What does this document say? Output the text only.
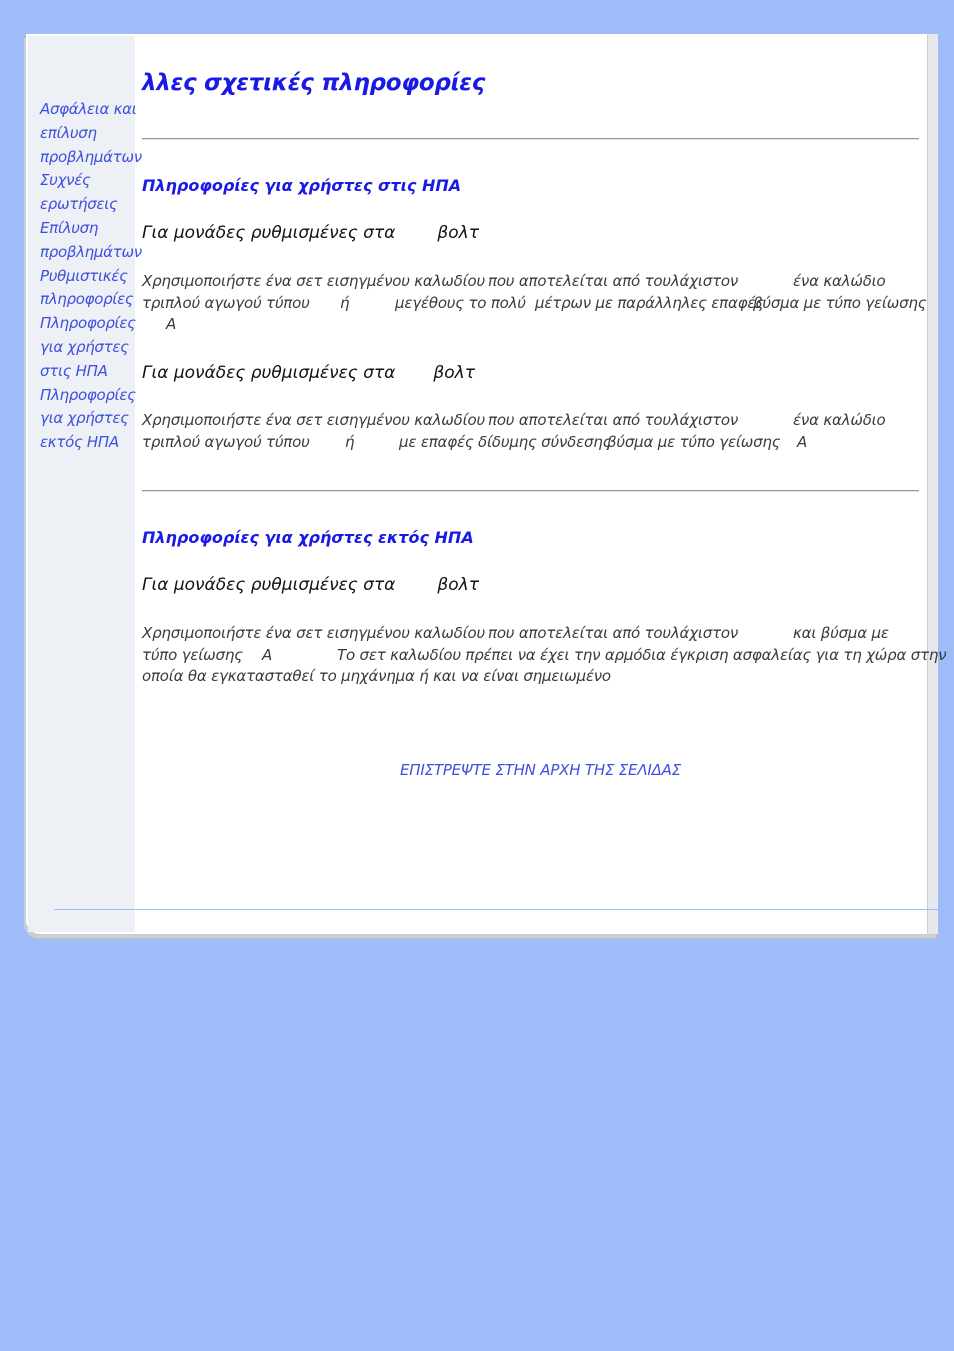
Ασφάλεια και
επίλυση
προβλημάτων
Συχνές
ερωτήσεις
Επίλυση
προβλημάτων
Ρυθμιστικές
πληροφορίες
Πληροφορίες
για χρήστες
στις ΗΠΑ
Πληροφορίες
για χρήστες
εκτός ΗΠΑ
λλες σχετικές πληροφορίες
Πληροφορίες για χρήστες στις ΗΠΑ

Για μονάδες ρυθμισμένες στα βολτ

Χρησιμοποιήστε ένα σετ εισηγμένου καλωδίου που αποτελείται από τουλάχιστον	ένα καλώδιο
τριπλού αγωγού τύπου ή	μεγέθους το πολύ μέτρων με παράλληλες επαφές
βύσμα με τύπο γείωσης
A

Για μονάδες ρυθμισμένες στα βολτ

Χρησιμοποιήστε ένα σετ εισηγμένου καλωδίου που αποτελείται από τουλάχιστον	ένα καλώδιο
τριπλού αγωγού τύπου ή	με επαφές δίδυμης σύνδεσης
βύσμα με τύπο γείωσης A
Πληροφορίες για χρήστες εκτός ΗΠΑ

Για μονάδες ρυθμισμένες στα βολτ

Χρησιμοποιήστε ένα σετ εισηγμένου καλωδίου που αποτελείται από τουλάχιστον	και βύσμα με
τύπο γείωσης A	Το σετ καλωδίου πρέπει να έχει την αρμόδια έγκριση ασφαλείας για τη χώρα στην
οποία θα εγκατασταθεί το μηχάνημα ή και να είναι σημειωμένο
ΕΠΙΣΤΡΕΨΤΕ ΣΤΗΝ ΑΡΧΗ ΤΗΣ ΣΕΛΙΔΑΣ
